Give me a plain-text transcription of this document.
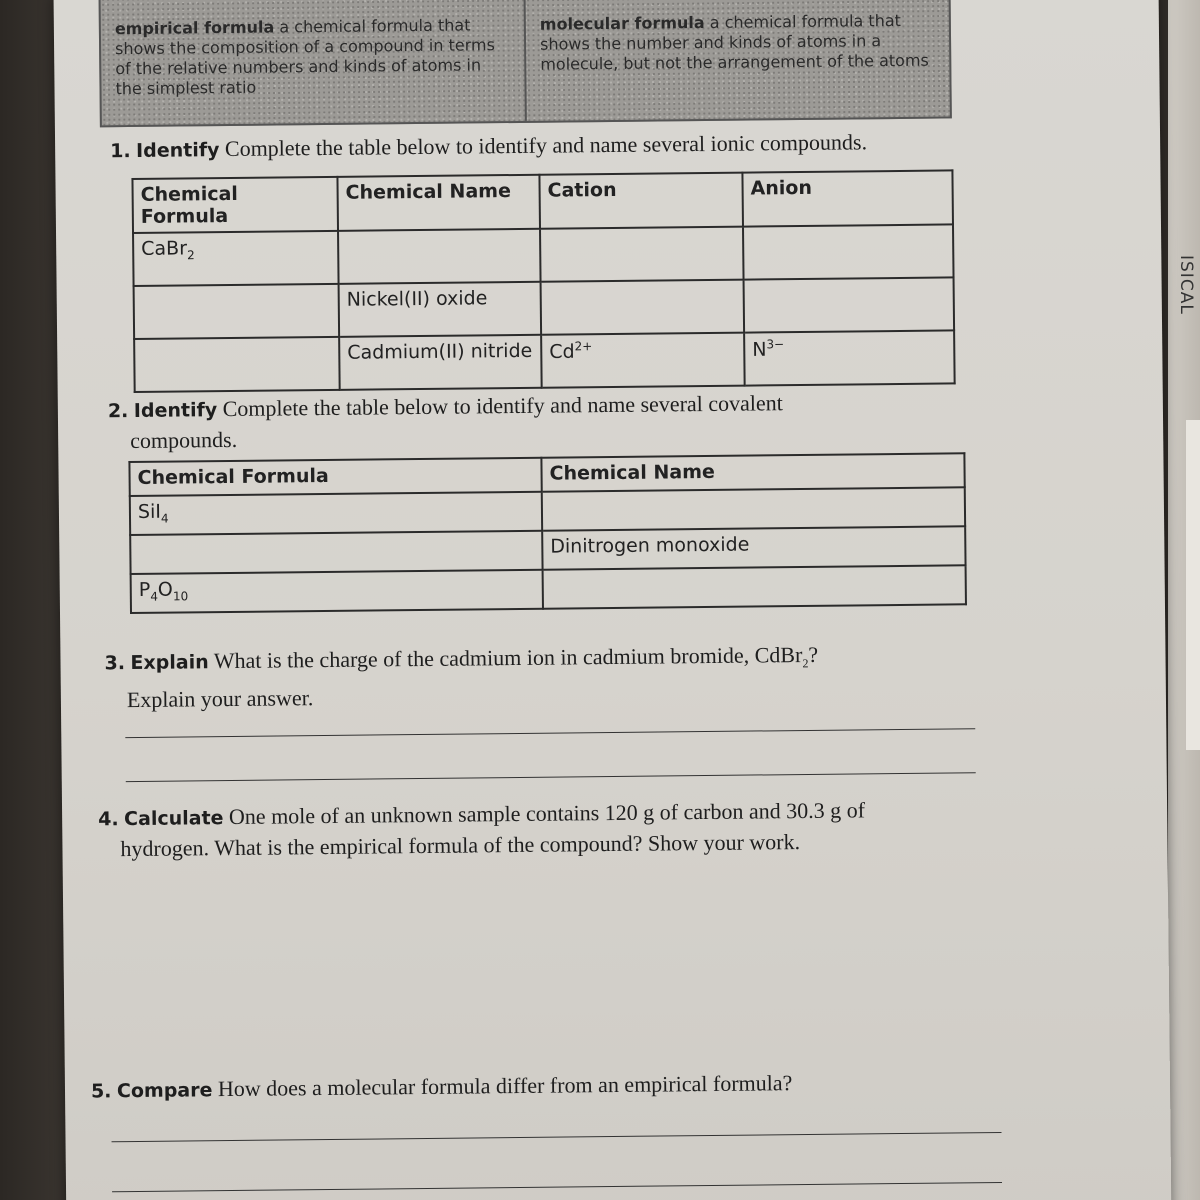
ISICAL
empirical formula a chemical formula that shows the composition of a compound in terms of the relative numbers and kinds of atoms in the simplest ratio
molecular formula a chemical formula that shows the number and kinds of atoms in a molecule, but not the arrangement of the atoms
1. Identify Complete the table below to identify and name several ionic compounds.
Chemical Formula	Chemical Name	Cation	Anion
CaBr$_2$			
	Nickel(II) oxide		
	Cadmium(II) nitride	$Cd^{2+}$	$N^{3-}$
2. Identify Complete the table below to identify and name several covalent
compounds.
Chemical Formula	Chemical Name
SiI$_4$	
	Dinitrogen monoxide
$P_4O_{10}$	
3. Explain What is the charge of the cadmium ion in cadmium bromide, CdBr$_2$?
Explain your answer.
4. Calculate One mole of an unknown sample contains 120 g of carbon and 30.3 g of
hydrogen. What is the empirical formula of the compound? Show your work.
5. Compare How does a molecular formula differ from an empirical formula?
